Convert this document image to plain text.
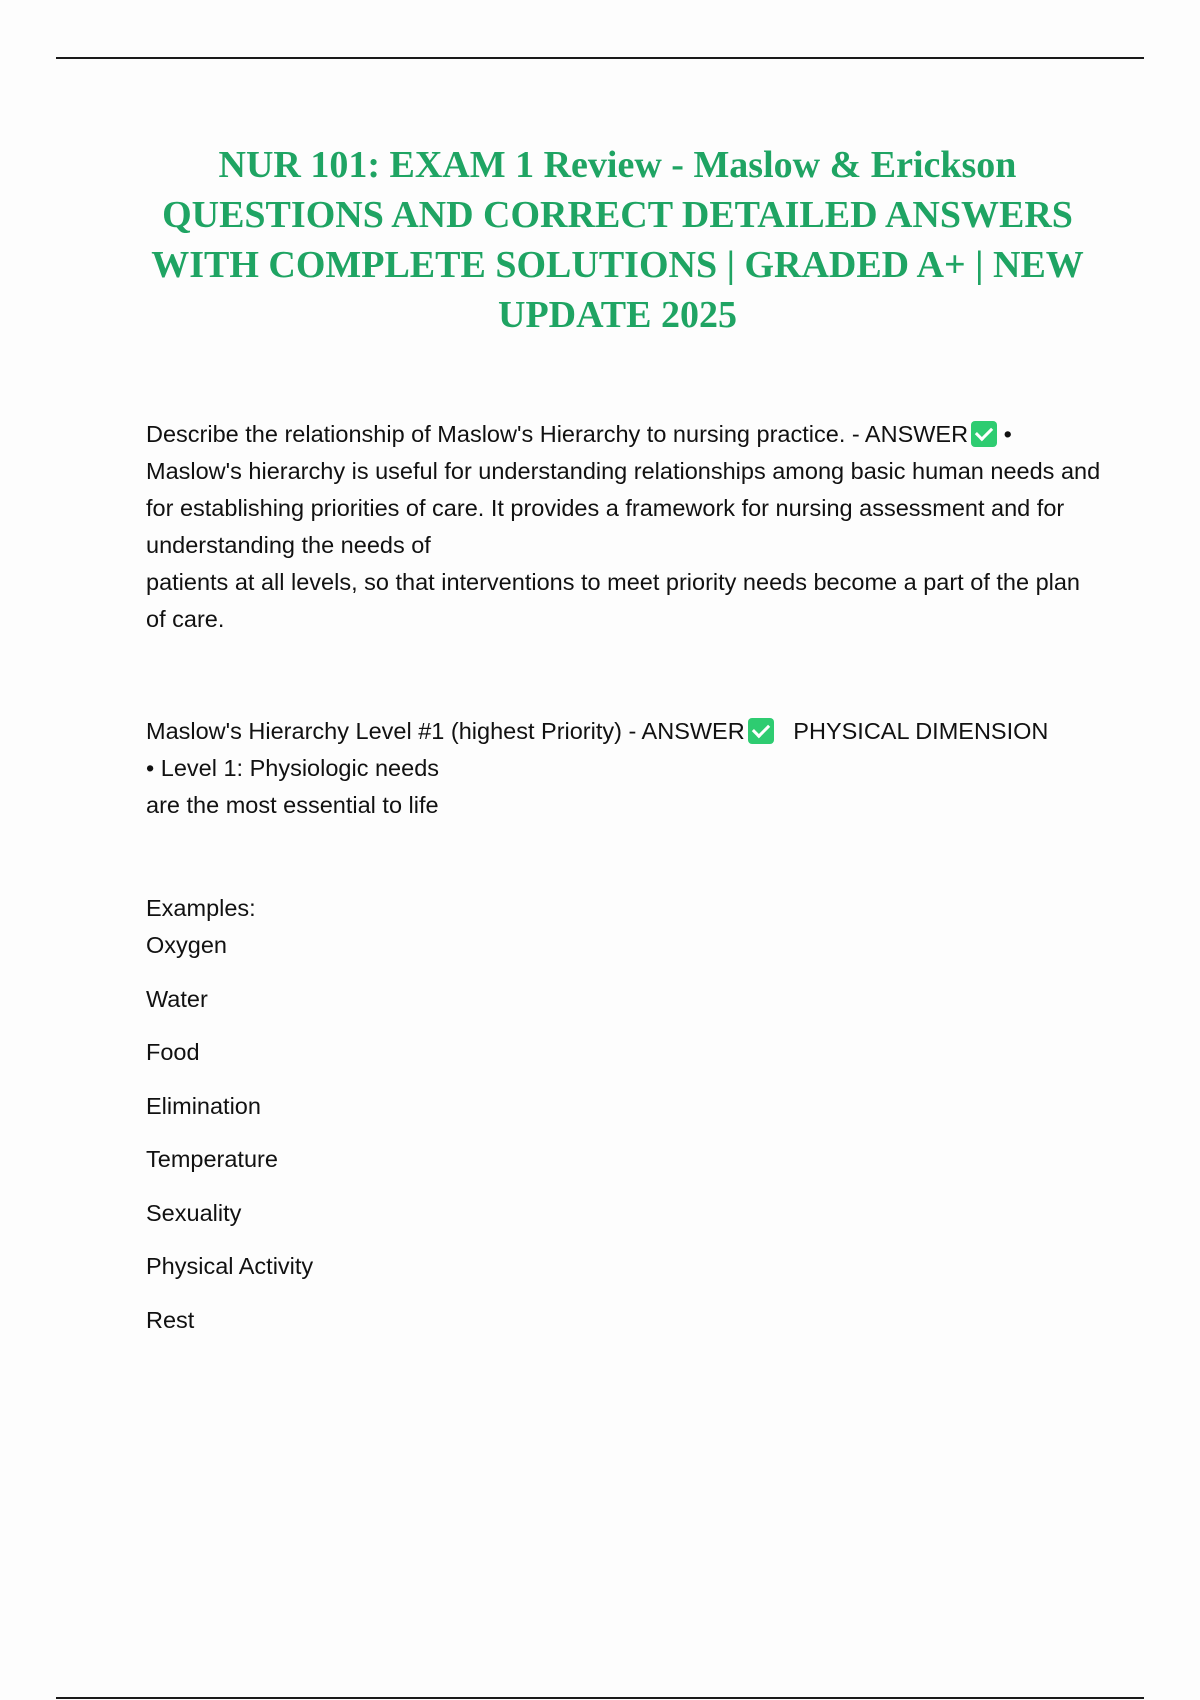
NUR 101: EXAM 1 Review - Maslow & Erickson QUESTIONS AND CORRECT DETAILED ANSWERS WITH COMPLETE SOLUTIONS | GRADED A+ | NEW UPDATE 2025

Describe the relationship of Maslow's Hierarchy to nursing practice. - ANSWER • Maslow's hierarchy is useful for understanding relationships among basic human needs and for establishing priorities of care. It provides a framework for nursing assessment and for understanding the needs of

patients at all levels, so that interventions to meet priority needs become a part of the plan of care.

Maslow's Hierarchy Level #1 (highest Priority) - ANSWER PHYSICAL DIMENSION

• Level 1: Physiologic needs

are the most essential to life

Examples:

Oxygen
Water
Food
Elimination
Temperature
Sexuality
Physical Activity
Rest
